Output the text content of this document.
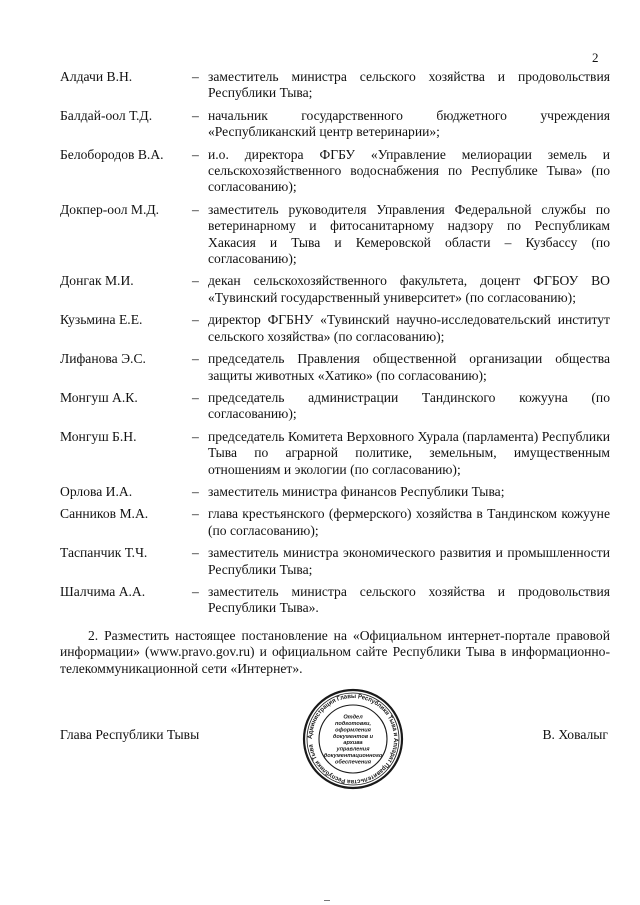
2
Алдачи В.Н.	– заместитель министра сельского хозяйства и продовольствия Республики Тыва;
Балдай-оол Т.Д.	– начальник государственного бюджетного учреждения «Республиканский центр ветеринарии»;
Белобородов В.А.	– и.о. директора ФГБУ «Управление мелиорации земель и сельскохозяйственного водоснабжения по Республике Тыва» (по согласованию);
Докпер-оол М.Д.	– заместитель руководителя Управления Федеральной службы по ветеринарному и фитосанитарному надзору по Республикам Хакасия и Тыва и Кемеровской области – Кузбассу (по согласованию);
Донгак М.И.	– декан сельскохозяйственного факультета, доцент ФГБОУ ВО «Тувинский государственный университет» (по согласованию);
Кузьмина Е.Е.	– директор ФГБНУ «Тувинский научно-исследовательский институт сельского хозяйства» (по согласованию);
Лифанова Э.С.	– председатель Правления общественной организации общества защиты животных «Хатико» (по согласованию);
Монгуш А.К.	– председатель администрации Тандинского кожууна (по согласованию);
Монгуш Б.Н.	– председатель Комитета Верховного Хурала (парламента) Республики Тыва по аграрной политике, земельным, имущественным отношениям и экологии (по согласованию);
Орлова И.А.	– заместитель министра финансов Республики Тыва;
Санников М.А.	– глава крестьянского (фермерского) хозяйства в Тандинском кожууне (по согласованию);
Таспанчик Т.Ч.	– заместитель министра экономического развития и промышленности Республики Тыва;
Шалчима А.А.	– заместитель министра сельского хозяйства и продовольствия Республики Тыва».
2. Разместить настоящее постановление на «Официальном интернет-портале правовой информации» (www.pravo.gov.ru) и официальном сайте Республики Тыва в информационно-телекоммуникационной сети «Интернет».
Глава Республики Тывы	Администрация Главы Республики Тыва и Аппарат Правительства Республики Тыва
Отдел подготовки, оформления документов и архива управления документационного обеспечения
В. Ховалыг
